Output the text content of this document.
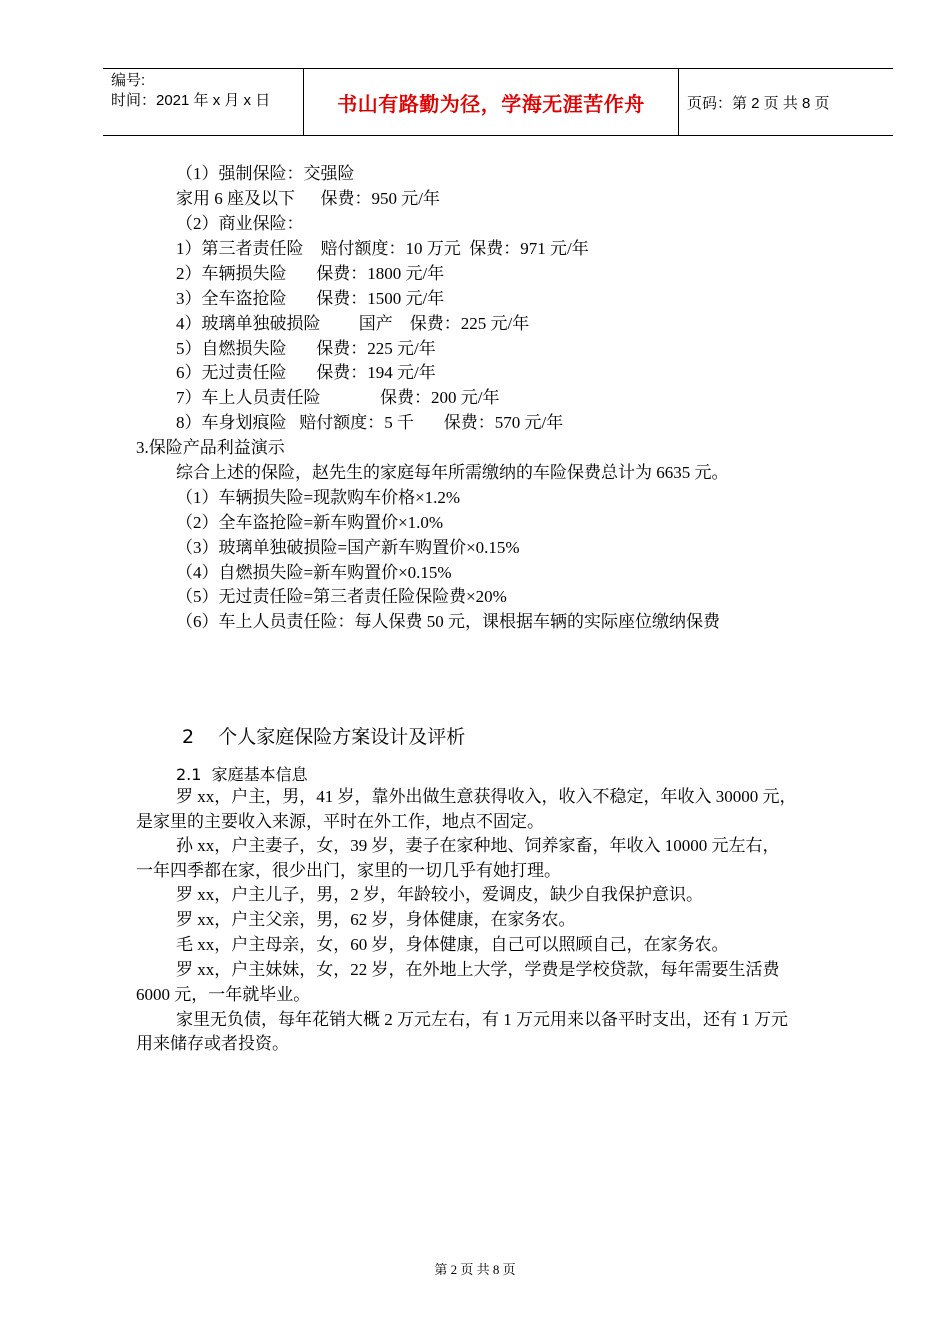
编号:
时间：2021 年 x 月 x 日	书山有路勤为径，学海无涯苦作舟	页码：第 2 页 共 8 页
（1）强制保险：交强险
家用 6 座及以下      保费：950 元/年
（2）商业保险：
1）第三者责任险    赔付额度：10 万元  保费：971 元/年
2）车辆损失险       保费：1800 元/年
3）全车盗抢险       保费：1500 元/年
4）玻璃单独破损险         国产    保费：225 元/年
5）自燃损失险       保费：225 元/年
6）无过责任险       保费：194 元/年
7）车上人员责任险              保费：200 元/年
8）车身划痕险   赔付额度：5 千       保费：570 元/年
3.保险产品利益演示
综合上述的保险，赵先生的家庭每年所需缴纳的车险保费总计为 6635 元。
（1）车辆损失险=现款购车价格×1.2%
（2）全车盗抢险=新车购置价×1.0%
（3）玻璃单独破损险=国产新车购置价×0.15%
（4）自燃损失险=新车购置价×0.15%
（5）无过责任险=第三者责任险保险费×20%
（6）车上人员责任险：每人保费 50 元，课根据车辆的实际座位缴纳保费
2    个人家庭保险方案设计及评析
2.1  家庭基本信息
罗 xx，户主，男，41 岁，靠外出做生意获得收入，收入不稳定，年收入 30000 元，
是家里的主要收入来源，平时在外工作，地点不固定。
孙 xx，户主妻子，女，39 岁，妻子在家种地、饲养家畜，年收入 10000 元左右，
一年四季都在家，很少出门，家里的一切几乎有她打理。
罗 xx，户主儿子，男，2 岁，年龄较小，爱调皮，缺少自我保护意识。
罗 xx，户主父亲，男，62 岁，身体健康，在家务农。
毛 xx，户主母亲，女，60 岁，身体健康，自己可以照顾自己，在家务农。
罗 xx，户主妹妹，女，22 岁，在外地上大学，学费是学校贷款，每年需要生活费
6000 元，一年就毕业。
家里无负债，每年花销大概 2 万元左右，有 1 万元用来以备平时支出，还有 1 万元
用来储存或者投资。
第 2 页 共 8 页
